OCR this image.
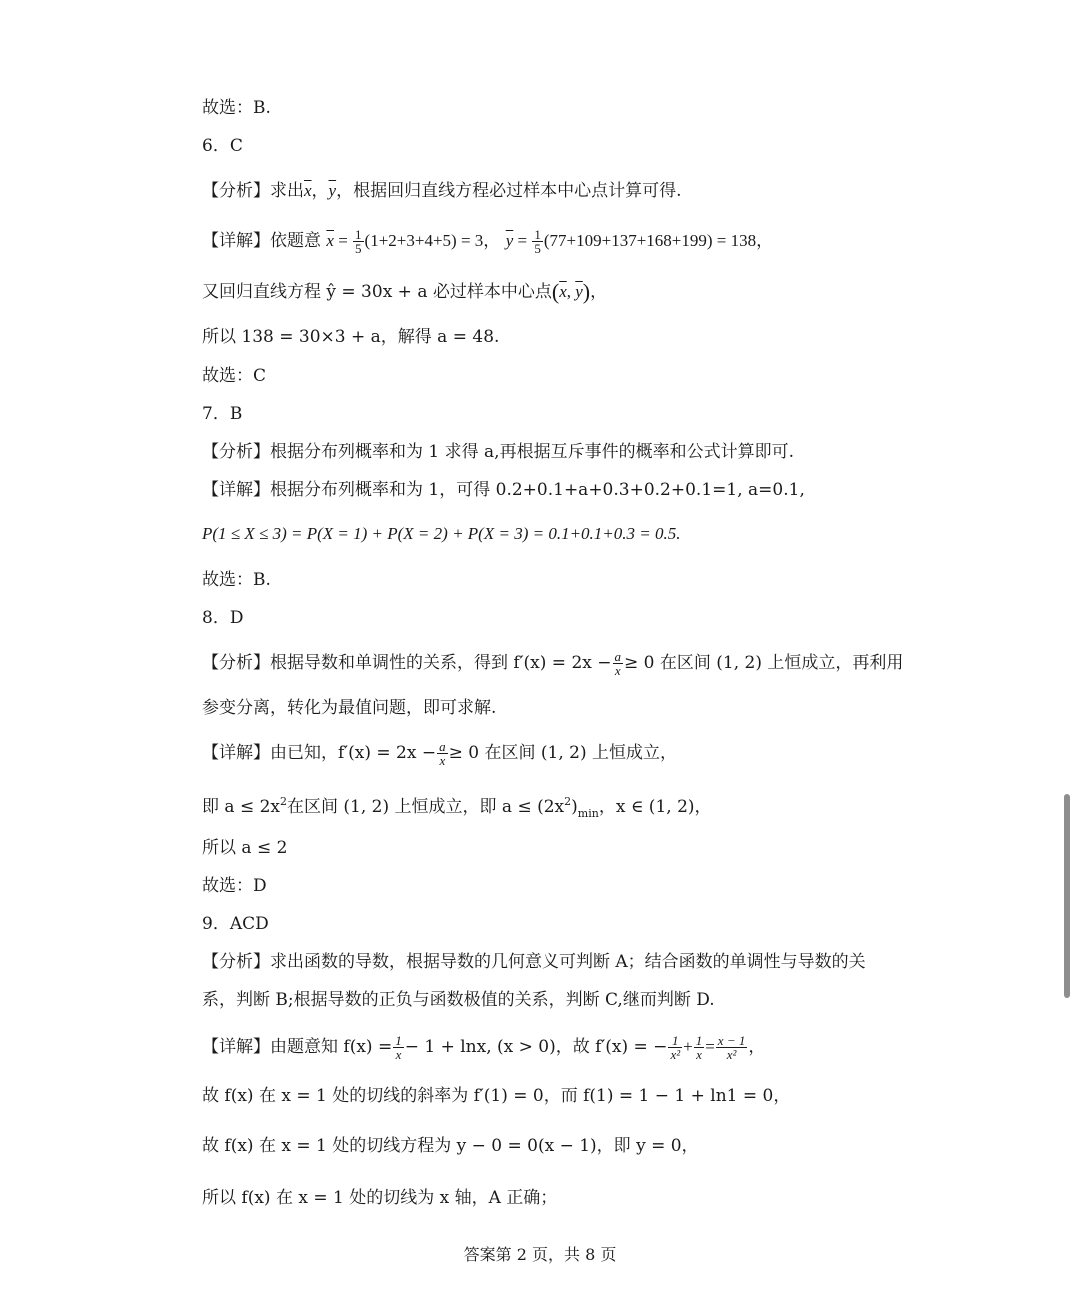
故选：B.
6．C
【分析】求出$\overline{x}$，$\overline{y}$，根据回归直线方程必过样本中心点计算可得.
【详解】依题意 $\overline{x} = \frac{1}{5} (1+2+3+4+5) = 3$， $\overline{y} = \frac{1}{5} (77+109+137+168+199) = 138$，
又回归直线方程 ŷ = 30x + a 必过样本中心点($\overline{x}$, $\overline{y}$)，
所以 138 = 30×3 + a，解得 a = 48.
故选：C
7．B
【分析】根据分布列概率和为 1 求得 a,再根据互斥事件的概率和公式计算即可.
【详解】根据分布列概率和为 1，可得 0.2+0.1+a+0.3+0.2+0.1=1, a=0.1,
P(1 ≤ X ≤ 3) = P(X = 1) + P(X = 2) + P(X = 3) = 0.1+0.1+0.3 = 0.5.
故选：B.
8．D
【分析】根据导数和单调性的关系，得到 $f'(x) = 2x - \frac{a}{x} \ge 0$ 在区间 (1, 2) 上恒成立，再利用
参变分离，转化为最值问题，即可求解.
【详解】由已知，$f'(x) = 2x - \frac{a}{x} \ge 0$ 在区间 (1, 2) 上恒成立，
即 $a \le 2x^2$在区间 (1, 2) 上恒成立，即 $a \le (2x^2)_{min}$，x ∈ (1, 2)，
所以 a ≤ 2
故选：D
9．ACD
【分析】求出函数的导数，根据导数的几何意义可判断 A；结合函数的单调性与导数的关
系，判断 B;根据导数的正负与函数极值的关系，判断 C,继而判断 D.
【详解】由题意知 $f(x) = \frac{1}{x} - 1 + \ln x$, (x > 0)，故 f′(x) = − $\frac{1}{\text{x²}} + \frac{1}{x} = \frac{x - 1}{\text{x²}}$ ，
故 f(x) 在 x = 1 处的切线的斜率为 f′(1) = 0，而 f(1) = 1 − 1 + ln1 = 0，
故 f(x) 在 x = 1 处的切线方程为 y − 0 = 0(x − 1)，即 y = 0，
所以 f(x) 在 x = 1 处的切线为 x 轴，A 正确；
答案第 2 页，共 8 页
